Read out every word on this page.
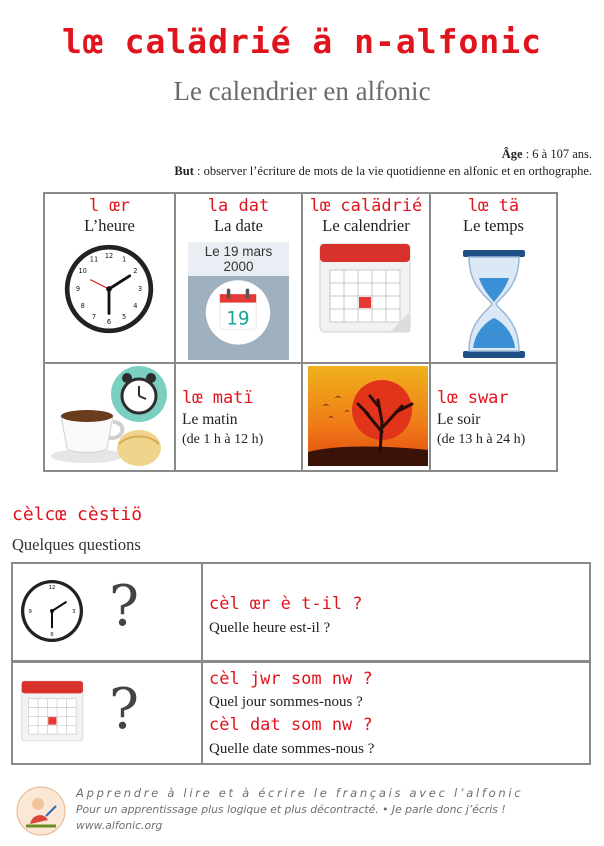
lœ calädrié ä n-alfonic
Le calendrier en alfonic
Âge : 6 à 107 ans.
But : observer l’écriture de mots de la vie quotidienne en alfonic et en orthographe.
l œr
L’heure
12 1
2
3
4
5
6
7
8
9
10
11
la dat
La date
Le 19 mars 2000
19
lœ calädrié
Le calendrier
lœ tä
Le temps
lœ matï
Le matin
(de 1 h à 12 h)
lœ swar
Le soir
(de 13 h à 24 h)
cèlcœ cèstiö
Quelques questions
12
3
6
9 ?	cèl œr è t-il ?
Quelle heure est-il ?
?	cèl jwr som nw ?
Quel jour sommes-nous ?
cèl dat som nw ?
Quelle date sommes-nous ?
Apprendre à lire et à écrire le français avec l’alfonic
Pour un apprentissage plus logique et plus décontracté. • Je parle donc j’écris !
www.alfonic.org
